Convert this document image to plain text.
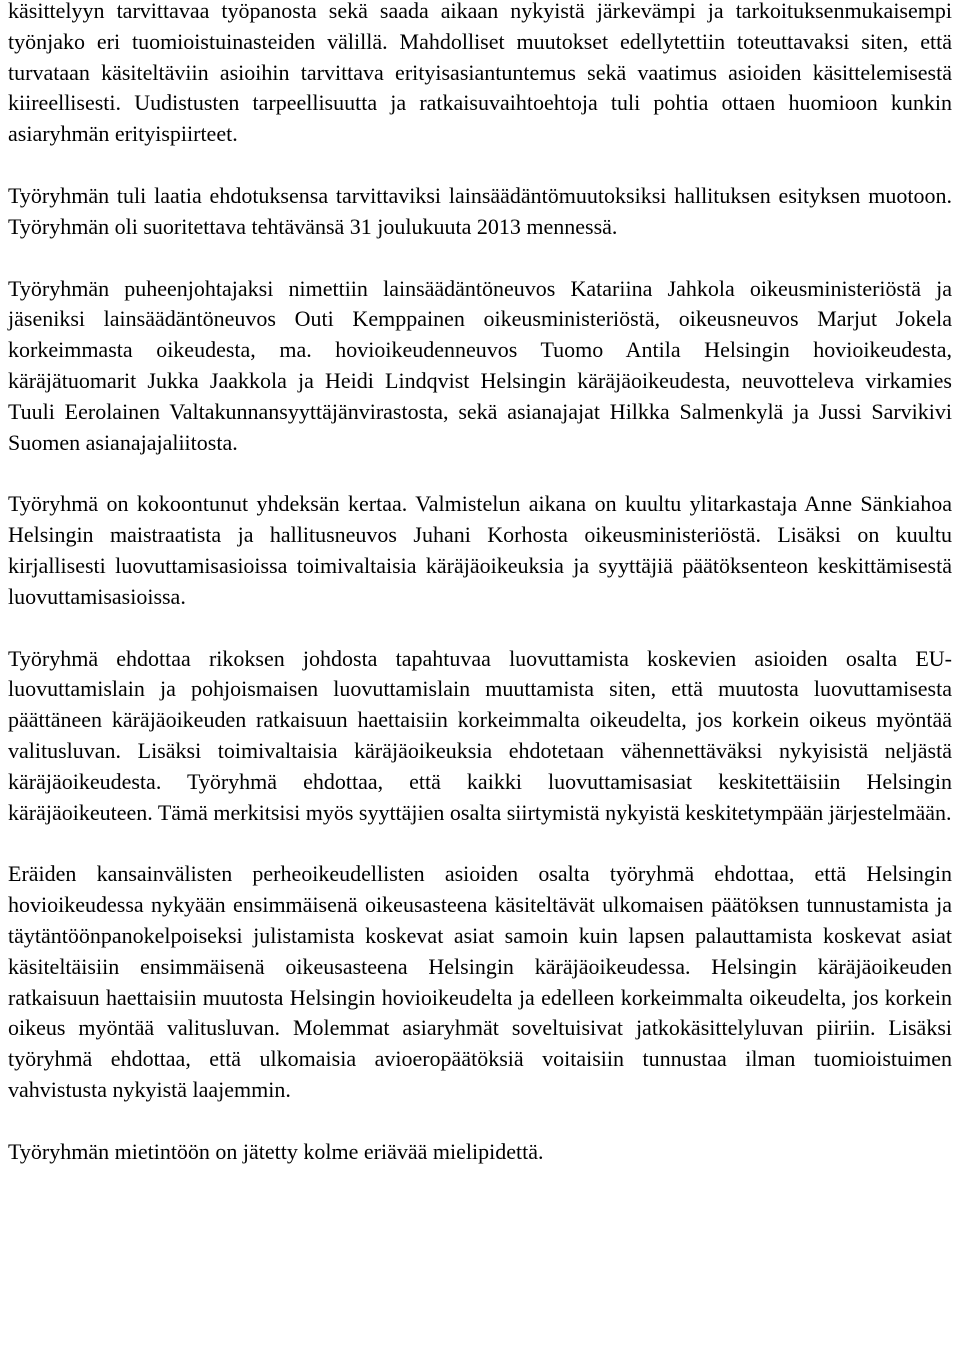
käsittelyyn tarvittavaa työpanosta sekä saada aikaan nykyistä järkevämpi ja tarkoituksenmukaisempi työnjako eri tuomioistuinasteiden välillä. Mahdolliset muutokset edellytettiin toteuttavaksi siten, että turvataan käsiteltäviin asioihin tarvittava erityisasiantuntemus sekä vaatimus asioiden käsittelemisestä kiireellisesti. Uudistusten tarpeellisuutta ja ratkaisuvaihtoehtoja tuli pohtia ottaen huomioon kunkin asiaryhmän erityispiirteet.

Työryhmän tuli laatia ehdotuksensa tarvittaviksi lainsäädäntömuutoksiksi hallituksen esityksen muotoon. Työryhmän oli suoritettava tehtävänsä 31 joulukuuta 2013 mennessä.

Työryhmän puheenjohtajaksi nimettiin lainsäädäntöneuvos Katariina Jahkola oikeusministeriöstä ja jäseniksi lainsäädäntöneuvos Outi Kemppainen oikeusministeriöstä, oikeusneuvos Marjut Jokela korkeimmasta oikeudesta, ma. hovioikeudenneuvos Tuomo Antila Helsingin hovioikeudesta, käräjätuomarit Jukka Jaakkola ja Heidi Lindqvist Helsingin käräjäoikeudesta, neuvotteleva virkamies Tuuli Eerolainen Valtakunnansyyttäjänvirastosta, sekä asianajajat Hilkka Salmenkylä ja Jussi Sarvikivi Suomen asianajajaliitosta.

Työryhmä on kokoontunut yhdeksän kertaa. Valmistelun aikana on kuultu ylitarkastaja Anne Sänkiahoa Helsingin maistraatista ja hallitusneuvos Juhani Korhosta oikeusministeriöstä. Lisäksi on kuultu kirjallisesti luovuttamisasioissa toimivaltaisia käräjäoikeuksia ja syyttäjiä päätöksenteon keskittämisestä luovuttamisasioissa.

Työryhmä ehdottaa rikoksen johdosta tapahtuvaa luovuttamista koskevien asioiden osalta EU-luovuttamislain ja pohjoismaisen luovuttamislain muuttamista siten, että muutosta luovuttamisesta päättäneen käräjäoikeuden ratkaisuun haettaisiin korkeimmalta oikeudelta, jos korkein oikeus myöntää valitusluvan. Lisäksi toimivaltaisia käräjäoikeuksia ehdotetaan vähennettäväksi nykyisistä neljästä käräjäoikeudesta. Työryhmä ehdottaa, että kaikki luovuttamisasiat keskitettäisiin Helsingin käräjäoikeuteen. Tämä merkitsisi myös syyttäjien osalta siirtymistä nykyistä keskitetympään järjestelmään.

Eräiden kansainvälisten perheoikeudellisten asioiden osalta työryhmä ehdottaa, että Helsingin hovioikeudessa nykyään ensimmäisenä oikeusasteena käsiteltävät ulkomaisen päätöksen tunnustamista ja täytäntöönpanokelpoiseksi julistamista koskevat asiat samoin kuin lapsen palauttamista koskevat asiat käsiteltäisiin ensimmäisenä oikeusasteena Helsingin käräjäoikeudessa. Helsingin käräjäoikeuden ratkaisuun haettaisiin muutosta Helsingin hovioikeudelta ja edelleen korkeimmalta oikeudelta, jos korkein oikeus myöntää valitusluvan. Molemmat asiaryhmät soveltuisivat jatkokäsittelyluvan piiriin. Lisäksi työryhmä ehdottaa, että ulkomaisia avioeropäätöksiä voitaisiin tunnustaa ilman tuomioistuimen vahvistusta nykyistä laajemmin.

Työryhmän mietintöön on jätetty kolme eriävää mielipidettä.
